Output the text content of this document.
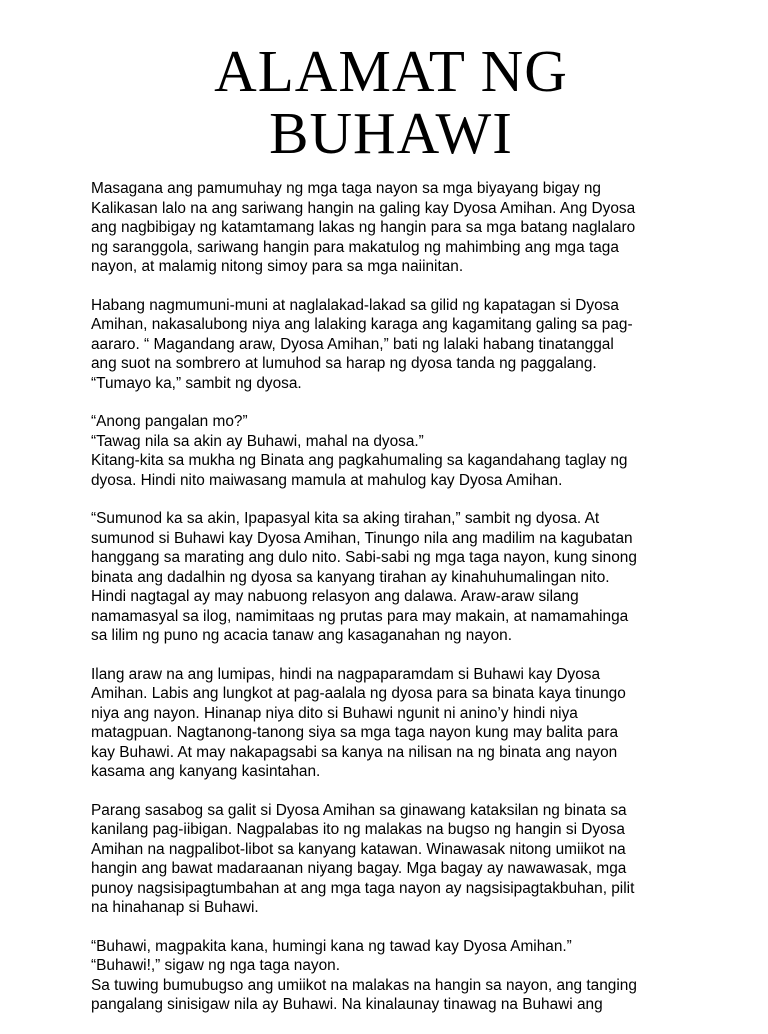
ALAMAT NG
BUHAWI

Masagana ang pamumuhay ng mga taga nayon sa mga biyayang bigay ng
Kalikasan lalo na ang sariwang hangin na galing kay Dyosa Amihan. Ang Dyosa
ang nagbibigay ng katamtamang lakas ng hangin para sa mga batang naglalaro
ng saranggola, sariwang hangin para makatulog ng mahimbing ang mga taga
nayon, at malamig nitong simoy para sa mga naiinitan.

Habang nagmumuni-muni at naglalakad-lakad sa gilid ng kapatagan si Dyosa
Amihan, nakasalubong niya ang lalaking karaga ang kagamitang galing sa pag-
aararo. “ Magandang araw, Dyosa Amihan,” bati ng lalaki habang tinatanggal
ang suot na sombrero at lumuhod sa harap ng dyosa tanda ng paggalang.
“Tumayo ka,” sambit ng dyosa.

“Anong pangalan mo?”
“Tawag nila sa akin ay Buhawi, mahal na dyosa.”
Kitang-kita sa mukha ng Binata ang pagkahumaling sa kagandahang taglay ng
dyosa. Hindi nito maiwasang mamula at mahulog kay Dyosa Amihan.

“Sumunod ka sa akin, Ipapasyal kita sa aking tirahan,” sambit ng dyosa. At
sumunod si Buhawi kay Dyosa Amihan, Tinungo nila ang madilim na kagubatan
hanggang sa marating ang dulo nito. Sabi-sabi ng mga taga nayon, kung sinong
binata ang dadalhin ng dyosa sa kanyang tirahan ay kinahuhumalingan nito.
Hindi nagtagal ay may nabuong relasyon ang dalawa. Araw-araw silang
namamasyal sa ilog, namimitaas ng prutas para may makain, at namamahinga
sa lilim ng puno ng acacia tanaw ang kasaganahan ng nayon.

Ilang araw na ang lumipas, hindi na nagpaparamdam si Buhawi kay Dyosa
Amihan. Labis ang lungkot at pag-aalala ng dyosa para sa binata kaya tinungo
niya ang nayon. Hinanap niya dito si Buhawi ngunit ni anino’y hindi niya
matagpuan. Nagtanong-tanong siya sa mga taga nayon kung may balita para
kay Buhawi. At may nakapagsabi sa kanya na nilisan na ng binata ang nayon
kasama ang kanyang kasintahan.

Parang sasabog sa galit si Dyosa Amihan sa ginawang kataksilan ng binata sa
kanilang pag-iibigan. Nagpalabas ito ng malakas na bugso ng hangin si Dyosa
Amihan na nagpalibot-libot sa kanyang katawan. Winawasak nitong umiikot na
hangin ang bawat madaraanan niyang bagay. Mga bagay ay nawawasak, mga
punoy nagsisipagtumbahan at ang mga taga nayon ay nagsisipagtakbuhan, pilit
na hinahanap si Buhawi.

“Buhawi, magpakita kana, humingi kana ng tawad kay Dyosa Amihan.”
“Buhawi!,” sigaw ng nga taga nayon.
Sa tuwing bumubugso ang umiikot na malakas na hangin sa nayon, ang tanging
pangalang sinisigaw nila ay Buhawi. Na kinalaunay tinawag na Buhawi ang
